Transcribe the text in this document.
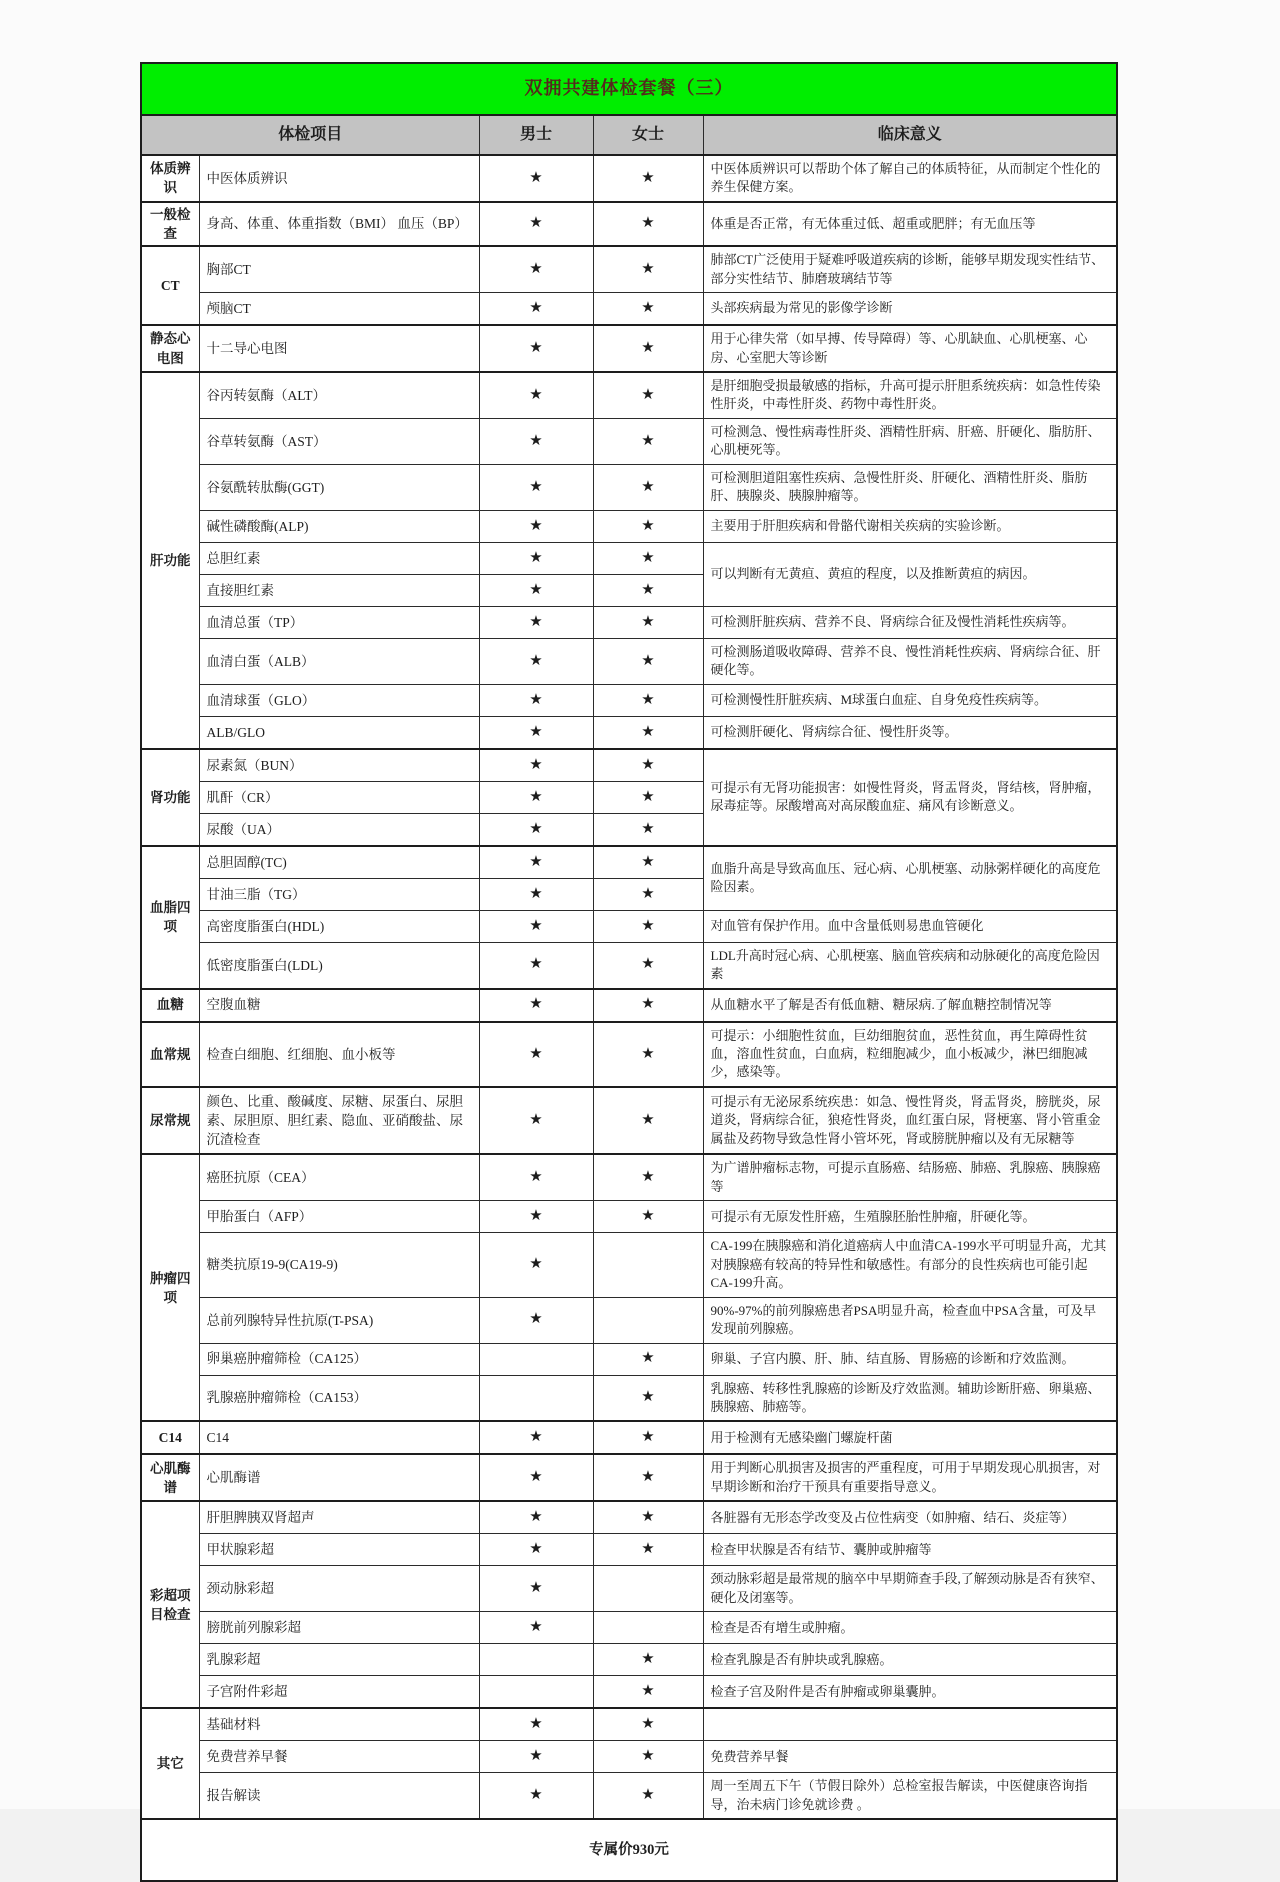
双拥共建体检套餐（三）				
体检项目		男士	女士	临床意义
体质辨识	中医体质辨识	★	★	中医体质辨识可以帮助个体了解自己的体质特征，从而制定个性化的养生保健方案。
一般检查	身高、体重、体重指数（BMI） 血压（BP）	★	★	体重是否正常，有无体重过低、超重或肥胖；有无血压等
CT	胸部CT	★	★	肺部CT广泛使用于疑难呼吸道疾病的诊断，能够早期发现实性结节、部分实性结节、肺磨玻璃结节等
	颅脑CT	★	★	头部疾病最为常见的影像学诊断
静态心电图	十二导心电图	★	★	用于心律失常（如早搏、传导障碍）等、心肌缺血、心肌梗塞、心房、心室肥大等诊断
肝功能	谷丙转氨酶（ALT）	★	★	是肝细胞受损最敏感的指标，升高可提示肝胆系统疾病：如急性传染性肝炎，中毒性肝炎、药物中毒性肝炎。
	谷草转氨酶（AST）	★	★	可检测急、慢性病毒性肝炎、酒精性肝病、肝癌、肝硬化、脂肪肝、心肌梗死等。
	谷氨酰转肽酶(GGT)	★	★	可检测胆道阻塞性疾病、急慢性肝炎、肝硬化、酒精性肝炎、脂肪肝、胰腺炎、胰腺肿瘤等。
	碱性磷酸酶(ALP)	★	★	主要用于肝胆疾病和骨骼代谢相关疾病的实验诊断。
	总胆红素	★	★	可以判断有无黄疸、黄疸的程度，以及推断黄疸的病因。
	直接胆红素	★	★	
	血清总蛋（TP）	★	★	可检测肝脏疾病、营养不良、肾病综合征及慢性消耗性疾病等。
	血清白蛋（ALB）	★	★	可检测肠道吸收障碍、营养不良、慢性消耗性疾病、肾病综合征、肝硬化等。
	血清球蛋（GLO）	★	★	可检测慢性肝脏疾病、M球蛋白血症、自身免疫性疾病等。
	ALB/GLO	★	★	可检测肝硬化、肾病综合征、慢性肝炎等。
肾功能	尿素氮（BUN）	★	★	可提示有无肾功能损害：如慢性肾炎，肾盂肾炎，肾结核，肾肿瘤，尿毒症等。尿酸增高对高尿酸血症、痛风有诊断意义。
	肌酐（CR）	★	★	
	尿酸（UA）	★	★	
血脂四项	总胆固醇(TC)	★	★	血脂升高是导致高血压、冠心病、心肌梗塞、动脉粥样硬化的高度危险因素。
	甘油三脂（TG）	★	★	
	高密度脂蛋白(HDL)	★	★	对血管有保护作用。血中含量低则易患血管硬化
	低密度脂蛋白(LDL)	★	★	LDL升高时冠心病、心肌梗塞、脑血管疾病和动脉硬化的高度危险因素
血糖	空腹血糖	★	★	从血糖水平了解是否有低血糖、糖尿病.了解血糖控制情况等
血常规	检查白细胞、红细胞、血小板等	★	★	可提示：小细胞性贫血，巨幼细胞贫血，恶性贫血，再生障碍性贫血，溶血性贫血，白血病，粒细胞减少，血小板减少，淋巴细胞减少，感染等。
尿常规	颜色、比重、酸碱度、尿糖、尿蛋白、尿胆素、尿胆原、胆红素、隐血、亚硝酸盐、尿沉渣检查	★	★	可提示有无泌尿系统疾患：如急、慢性肾炎，肾盂肾炎，膀胱炎，尿道炎，肾病综合征，狼疮性肾炎，血红蛋白尿，肾梗塞、肾小管重金属盐及药物导致急性肾小管坏死，肾或膀胱肿瘤以及有无尿糖等
肿瘤四项	癌胚抗原（CEA）	★	★	为广谱肿瘤标志物，可提示直肠癌、结肠癌、肺癌、乳腺癌、胰腺癌等
	甲胎蛋白（AFP）	★	★	可提示有无原发性肝癌，生殖腺胚胎性肿瘤，肝硬化等。
	糖类抗原19-9(CA19-9)	★		CA-199在胰腺癌和消化道癌病人中血清CA-199水平可明显升高，尤其对胰腺癌有较高的特异性和敏感性。有部分的良性疾病也可能引起CA-199升高。
	总前列腺特异性抗原(T-PSA)	★		90%-97%的前列腺癌患者PSA明显升高，检查血中PSA含量，可及早发现前列腺癌。
	卵巢癌肿瘤筛检（CA125）		★	卵巢、子宫内膜、肝、肺、结直肠、胃肠癌的诊断和疗效监测。
	乳腺癌肿瘤筛检（CA153）		★	乳腺癌、转移性乳腺癌的诊断及疗效监测。辅助诊断肝癌、卵巢癌、胰腺癌、肺癌等。
C14	C14	★	★	用于检测有无感染幽门螺旋杆菌
心肌酶谱	心肌酶谱	★	★	用于判断心肌损害及损害的严重程度，可用于早期发现心肌损害，对早期诊断和治疗干预具有重要指导意义。
彩超项目检查	肝胆脾胰双肾超声	★	★	各脏器有无形态学改变及占位性病变（如肿瘤、结石、炎症等）
	甲状腺彩超	★	★	检查甲状腺是否有结节、囊肿或肿瘤等
	颈动脉彩超	★		颈动脉彩超是最常规的脑卒中早期筛查手段,了解颈动脉是否有狭窄、硬化及闭塞等。
	膀胱前列腺彩超	★		检查是否有增生或肿瘤。
	乳腺彩超		★	检查乳腺是否有肿块或乳腺癌。
	子宫附件彩超		★	检查子宫及附件是否有肿瘤或卵巢囊肿。
其它	基础材料	★	★	
	免费营养早餐	★	★	免费营养早餐
	报告解读	★	★	周一至周五下午（节假日除外）总检室报告解读，中医健康咨询指导，治未病门诊免就诊费 。
专属价930元				
